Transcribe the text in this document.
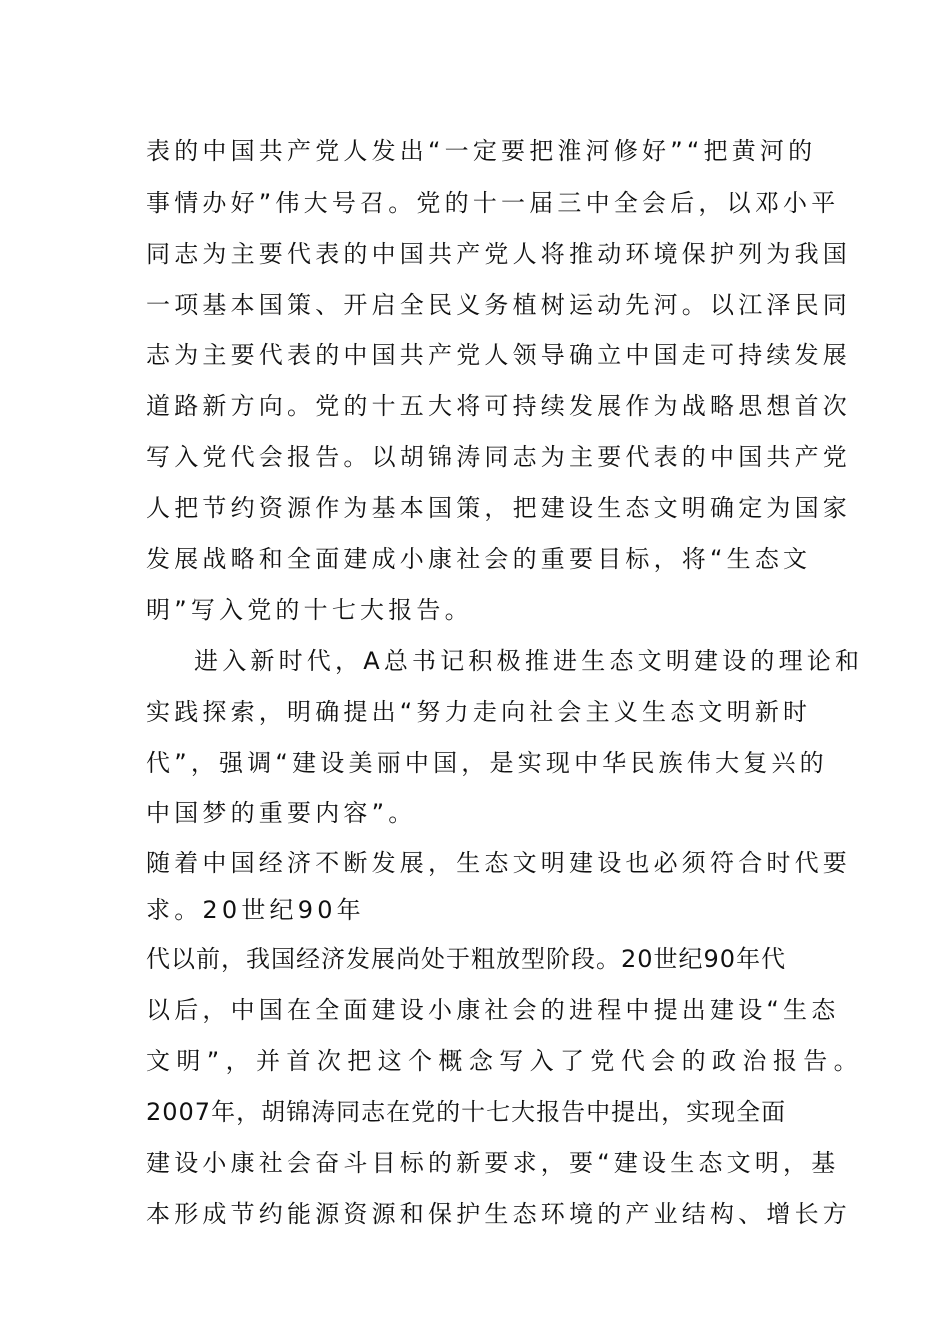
表的中国共产党人发出“一定要把淮河修好”“把黄河的
事情办好”伟大号召。党的十一届三中全会后，以邓小平
同志为主要代表的中国共产党人将推动环境保护列为我国
一项基本国策、开启全民义务植树运动先河。以江泽民同
志为主要代表的中国共产党人领导确立中国走可持续发展
道路新方向。党的十五大将可持续发展作为战略思想首次
写入党代会报告。以胡锦涛同志为主要代表的中国共产党
人把节约资源作为基本国策，把建设生态文明确定为国家
发展战略和全面建成小康社会的重要目标，将“生态文
明”写入党的十七大报告。
进入新时代，A总书记积极推进生态文明建设的理论和
实践探索，明确提出“努力走向社会主义生态文明新时
代”，强调“建设美丽中国，是实现中华民族伟大复兴的
中国梦的重要内容”。
随着中国经济不断发展，生态文明建设也必须符合时代要
求。20世纪90年
代以前，我国经济发展尚处于粗放型阶段。20世纪90年代
以后，中国在全面建设小康社会的进程中提出建设“生态
文明”，并首次把这个概念写入了党代会的政治报告。
2007年，胡锦涛同志在党的十七大报告中提出，实现全面
建设小康社会奋斗目标的新要求，要“建设生态文明，基
本形成节约能源资源和保护生态环境的产业结构、增长方
